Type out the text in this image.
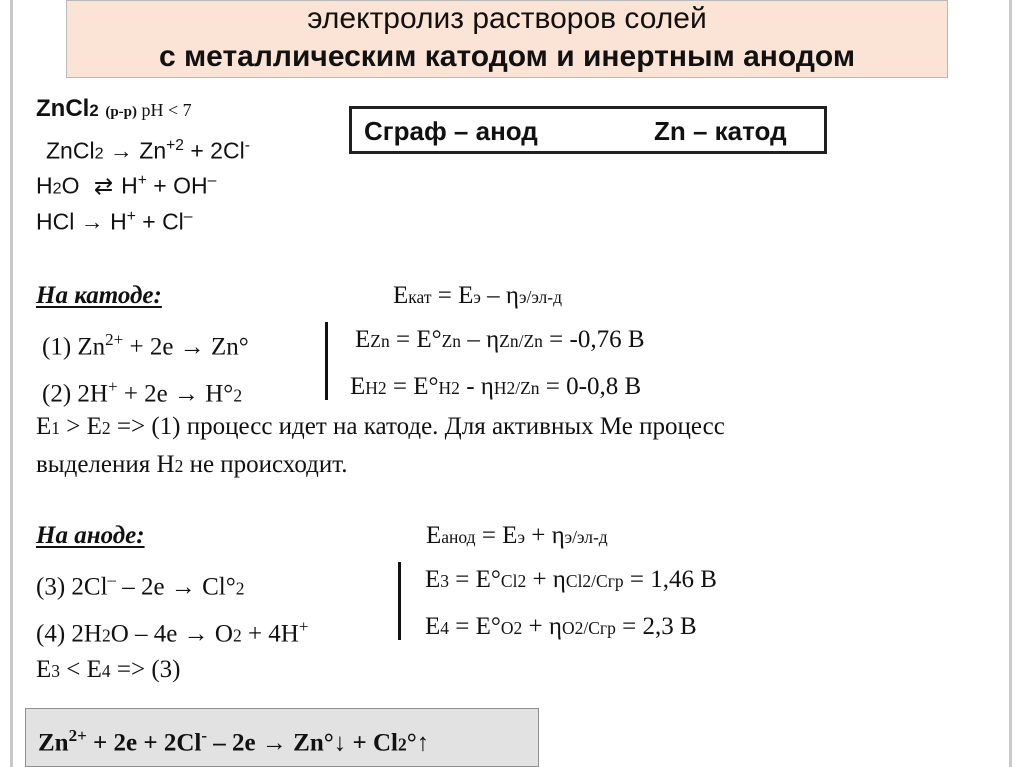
электролиз растворов солей
с металлическим катодом и инертным анодом
Cграф – анод	Zn – катод
ZnCl2 (р-р) pH < 7
ZnCl2 → $Zn^{+2} + 2Cl^-$
H2O ⇄ H+ + OH–
HCl → H+ + Cl–
На катоде:	Eкат = Eэ – ηэ/эл-д
(1) $Zn^{2+} + 2e \to Zn^\circ$	EZn = E°Zn – ηZn/Zn = -0,76 В
(2) 2H+ + 2e → H°2	EH2 = E°H2 - ηH2/Zn = 0-0,8 В
E1 > E2 => (1) процесс идет на катоде. Для активных Ме процесс
выделения H2 не происходит.
На аноде:	Eанод = Eэ + ηэ/эл-д
(3) 2Cl– – 2e → Cl°2	E3 = E°Cl2 + ηCl2/Cгр = 1,46 В
(4) 2H2O – 4e → O2 + 4H+	E4 = E°O2 + ηO2/Cгр = 2,3 В
E3 < E4 => (3)
$Zn^{2+} + 2e + 2Cl^- - 2e$ → Zn°↓ + Cl2°↑
